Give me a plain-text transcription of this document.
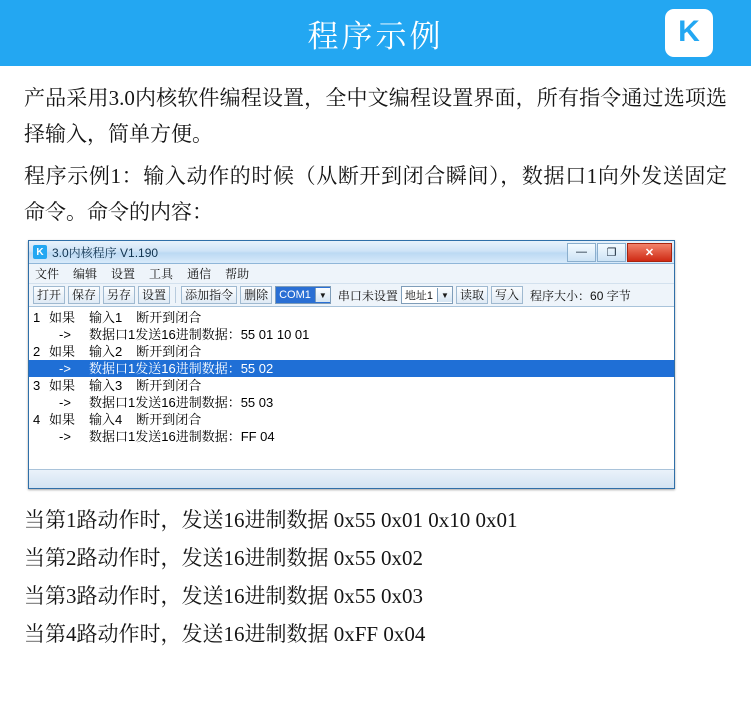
程序示例	K

产品采用3.0内核软件编程设置，全中文编程设置界面，所有指令通过选项选择输入，简单方便。

程序示例1：输入动作的时候（从断开到闭合瞬间），数据口1向外发送固定命令。命令的内容：

K 3.0内核程序 V1.190	—	❐	✕
文件 编辑 设置 工具 通信 帮助
打开 保存 另存 设置	添加指令 删除	COM1	▼ 串口未设置 地址1	▼ 读取 写入 程序大小：60 字节
1 如果 输入1 断开到闭合
->	数据口1发送16进制数据：55 01 10 01
2 如果 输入2 断开到闭合
->	数据口1发送16进制数据：55 02
3 如果 输入3 断开到闭合
->	数据口1发送16进制数据：55 03
4 如果 输入4 断开到闭合
->	数据口1发送16进制数据：FF 04

当第1路动作时，发送16进制数据 0x55 0x01 0x10 0x01

当第2路动作时，发送16进制数据 0x55 0x02

当第3路动作时，发送16进制数据 0x55 0x03

当第4路动作时，发送16进制数据 0xFF 0x04
